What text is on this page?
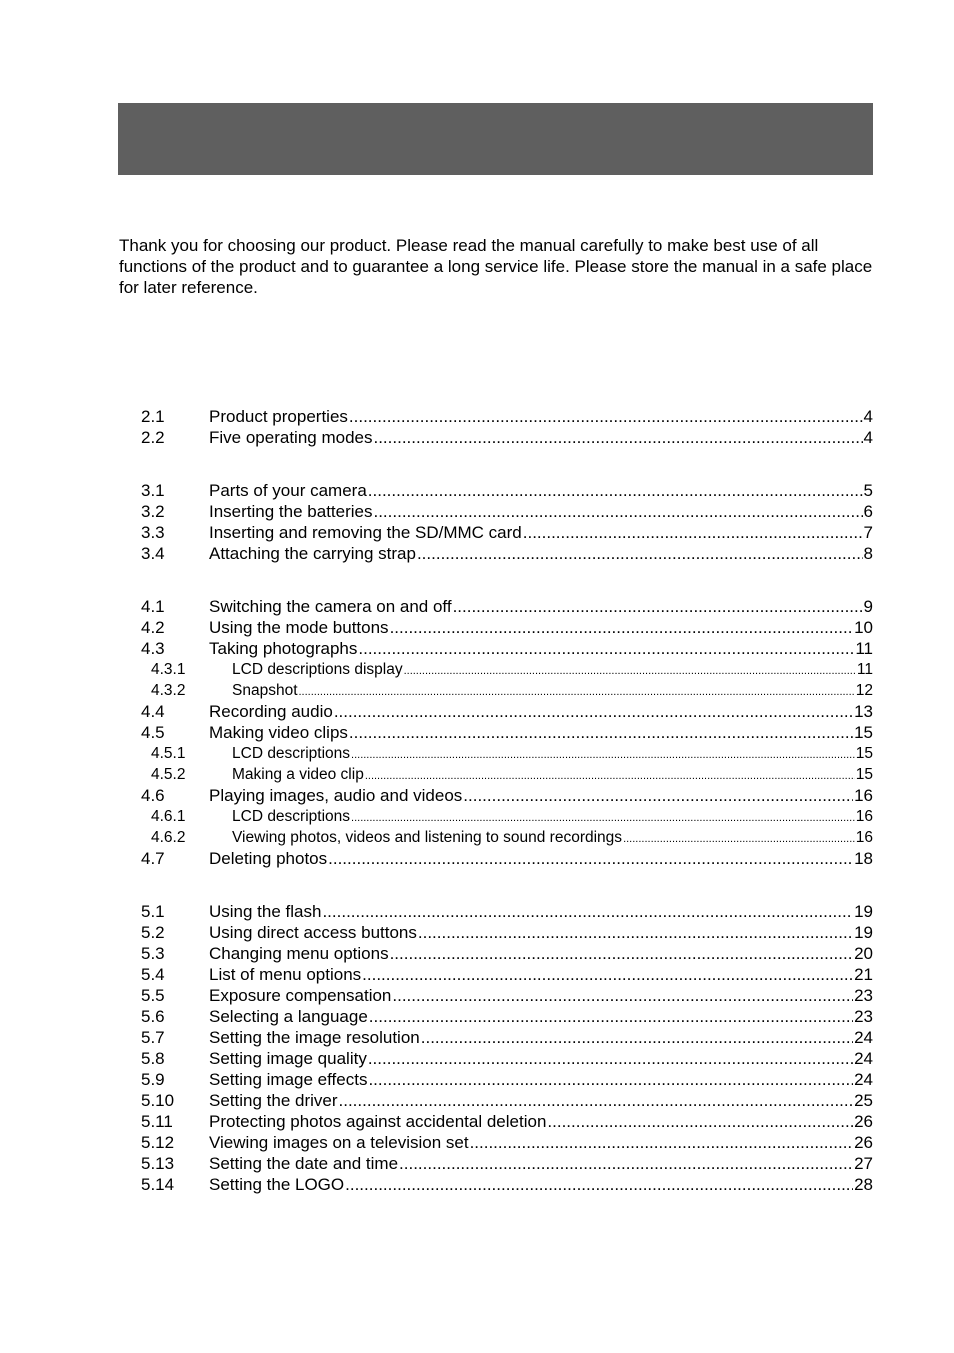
Thank you for choosing our product. Please read the manual carefully to make best use of all functions of the product and to guarantee a long service life. Please store the manual in a safe place for later reference.

2.1	Product properties .....	4
2.2	Five operating modes .....	4
3.1	Parts of your camera .....	5
3.2	Inserting the batteries .....	6
3.3	Inserting and removing the SD/MMC card .....	7
3.4	Attaching the carrying strap .....	8
4.1	Switching the camera on and off .....	9
4.2	Using the mode buttons .....	10
4.3	Taking photographs .....	11
4.3.1	LCD descriptions display .....	11
4.3.2	Snapshot .....	12
4.4	Recording audio .....	13
4.5	Making video clips .....	15
4.5.1	LCD descriptions .....	15
4.5.2	Making a video clip .....	15
4.6	Playing images, audio and videos .....	16
4.6.1	LCD descriptions .....	16
4.6.2	Viewing photos, videos and listening to sound recordings .....	16
4.7	Deleting photos .....	18
5.1	Using the flash .....	19
5.2	Using direct access buttons .....	19
5.3	Changing menu options .....	20
5.4	List of menu options .....	21
5.5	Exposure compensation .....	23
5.6	Selecting a language .....	23
5.7	Setting the image resolution .....	24
5.8	Setting image quality .....	24
5.9	Setting image effects .....	24
5.10 Setting the driver .....	25
5.11 Protecting photos against accidental deletion .....	26
5.12 Viewing images on a television set .....	26
5.13 Setting the date and time .....	27
5.14 Setting the LOGO .....	28
